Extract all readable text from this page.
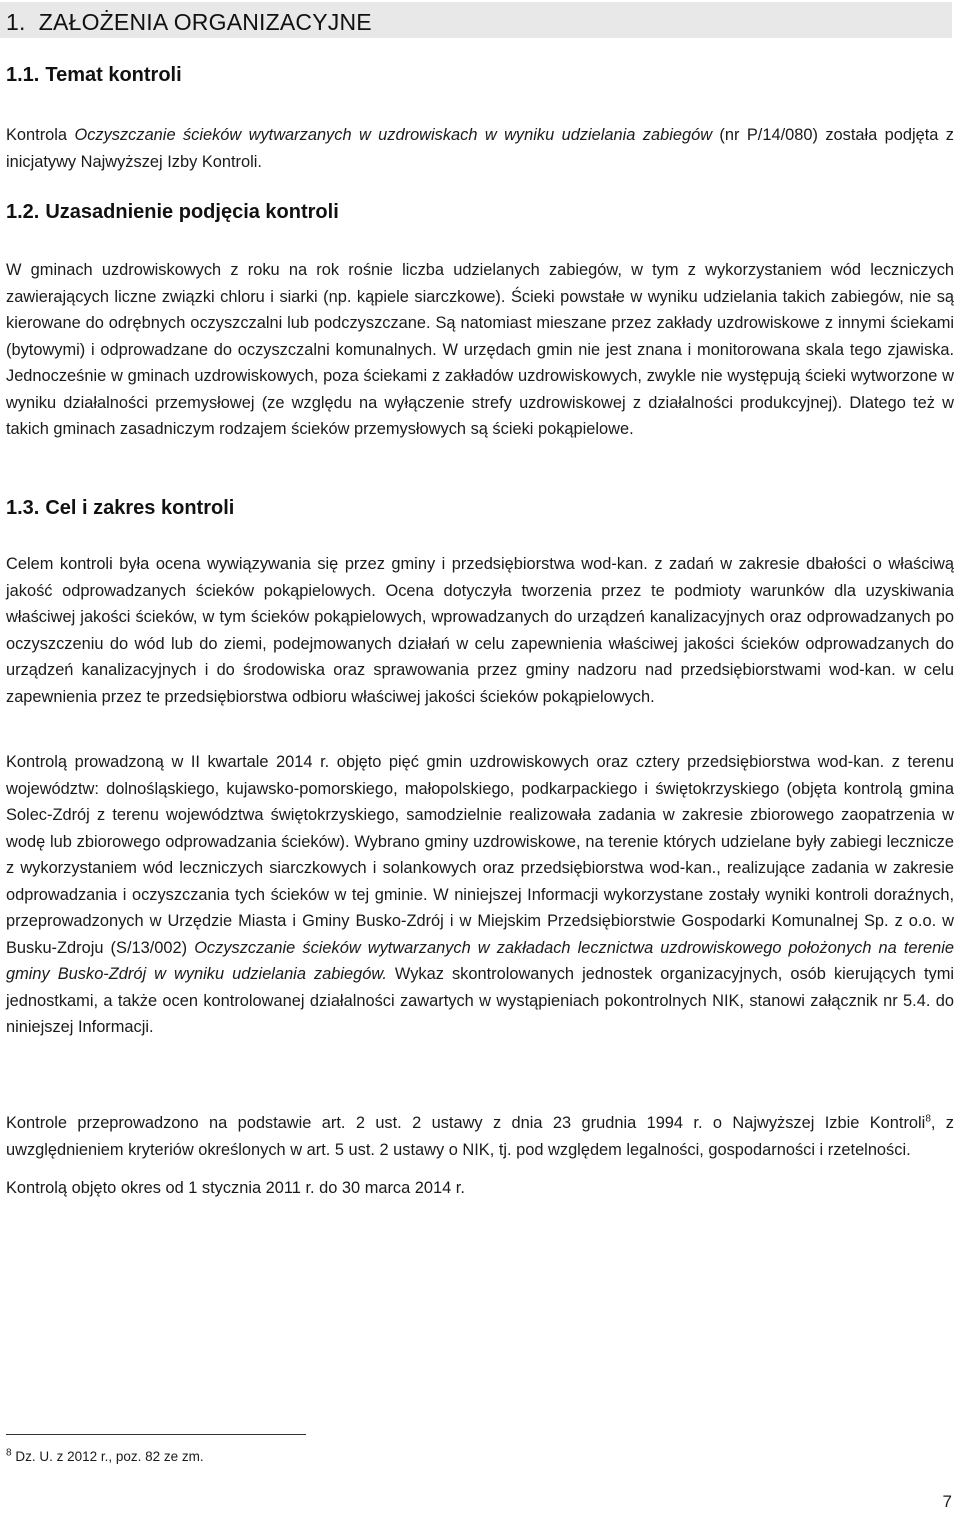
1. ZAŁOŻENIA ORGANIZACYJNE
1.1. Temat kontroli

Kontrola Oczyszczanie ścieków wytwarzanych w uzdrowiskach w wyniku udzielania zabiegów (nr P/14/080) została podjęta z inicjatywy Najwyższej Izby Kontroli.

1.2. Uzasadnienie podjęcia kontroli

W gminach uzdrowiskowych z roku na rok rośnie liczba udzielanych zabiegów, w tym z wykorzystaniem wód leczniczych zawierających liczne związki chloru i siarki (np. kąpiele siarczkowe). Ścieki powstałe w wyniku udzielania takich zabiegów, nie są kierowane do odrębnych oczyszczalni lub podczyszczane. Są natomiast mieszane przez zakłady uzdrowiskowe z innymi ściekami (bytowymi) i odprowadzane do oczyszczalni komunalnych. W urzędach gmin nie jest znana i monitorowana skala tego zjawiska. Jednocześnie w gminach uzdrowiskowych, poza ściekami z zakładów uzdrowiskowych, zwykle nie występują ścieki wytworzone w wyniku działalności przemysłowej (ze względu na wyłączenie strefy uzdrowiskowej z działalności produkcyjnej). Dlatego też w takich gminach zasadniczym rodzajem ścieków przemysłowych są ścieki pokąpielowe.

1.3. Cel i zakres kontroli

Celem kontroli była ocena wywiązywania się przez gminy i przedsiębiorstwa wod-kan. z zadań w zakresie dbałości o właściwą jakość odprowadzanych ścieków pokąpielowych. Ocena dotyczyła tworzenia przez te podmioty warunków dla uzyskiwania właściwej jakości ścieków, w tym ścieków pokąpielowych, wprowadzanych do urządzeń kanalizacyjnych oraz odprowadzanych po oczyszczeniu do wód lub do ziemi, podejmowanych działań w celu zapewnienia właściwej jakości ścieków odprowadzanych do urządzeń kanalizacyjnych i do środowiska oraz sprawowania przez gminy nadzoru nad przedsiębiorstwami wod-kan. w celu zapewnienia przez te przedsiębiorstwa odbioru właściwej jakości ścieków pokąpielowych.

Kontrolą prowadzoną w II kwartale 2014 r. objęto pięć gmin uzdrowiskowych oraz cztery przedsiębiorstwa wod-kan. z terenu województw: dolnośląskiego, kujawsko-pomorskiego, małopolskiego, podkarpackiego i świętokrzyskiego (objęta kontrolą gmina Solec-Zdrój z terenu województwa świętokrzyskiego, samodzielnie realizowała zadania w zakresie zbiorowego zaopatrzenia w wodę lub zbiorowego odprowadzania ścieków). Wybrano gminy uzdrowiskowe, na terenie których udzielane były zabiegi lecznicze z wykorzystaniem wód leczniczych siarczkowych i solankowych oraz przedsiębiorstwa wod-kan., realizujące zadania w zakresie odprowadzania i oczyszczania tych ścieków w tej gminie. W niniejszej Informacji wykorzystane zostały wyniki kontroli doraźnych, przeprowadzonych w Urzędzie Miasta i Gminy Busko-Zdrój i w Miejskim Przedsiębiorstwie Gospodarki Komunalnej Sp. z o.o. w Busku-Zdroju (S/13/002) Oczyszczanie ścieków wytwarzanych w zakładach lecznictwa uzdrowiskowego położonych na terenie gminy Busko-Zdrój w wyniku udzielania zabiegów. Wykaz skontrolowanych jednostek organizacyjnych, osób kierujących tymi jednostkami, a także ocen kontrolowanej działalności zawartych w wystąpieniach pokontrolnych NIK, stanowi załącznik nr 5.4. do niniejszej Informacji.

Kontrole przeprowadzono na podstawie art. 2 ust. 2 ustawy z dnia 23 grudnia 1994 r. o Najwyższej Izbie Kontroli$^8$, z uwzględnieniem kryteriów określonych w art. 5 ust. 2 ustawy o NIK, tj. pod względem legalności, gospodarności i rzetelności.

Kontrolą objęto okres od 1 stycznia 2011 r. do 30 marca 2014 r.

$^8$ Dz. U. z 2012 r., poz. 82 ze zm.

7
